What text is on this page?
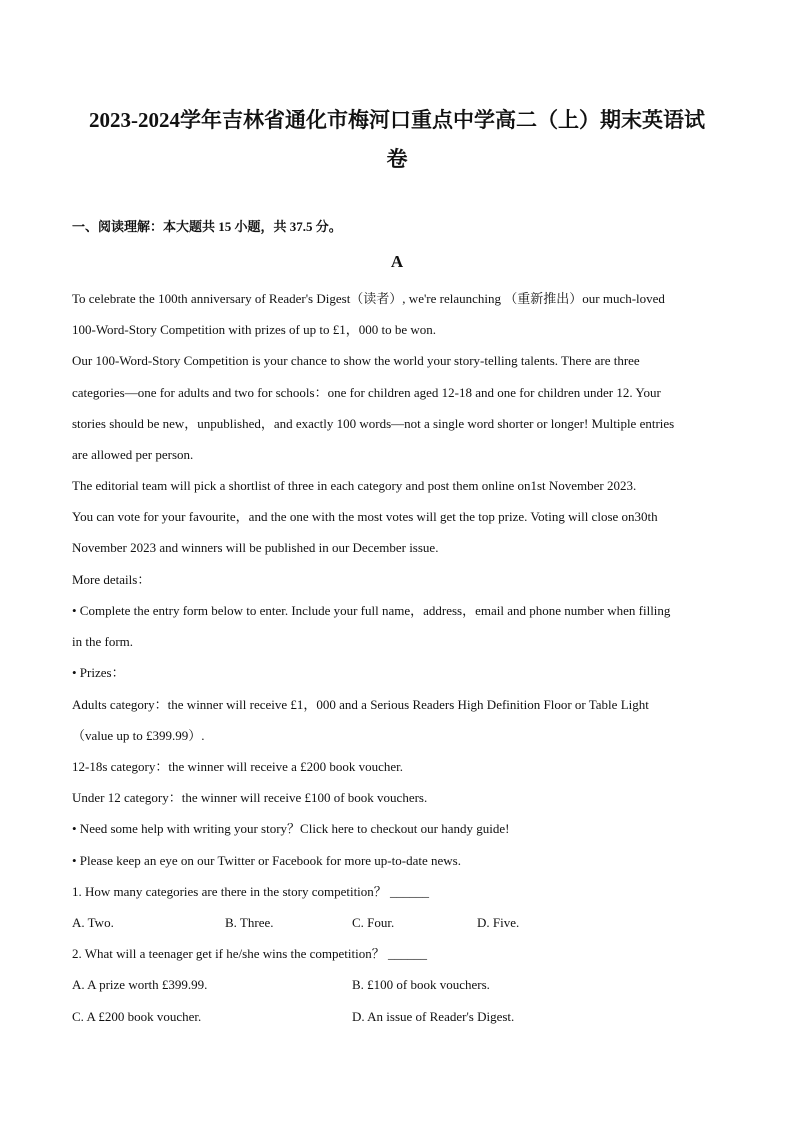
2023-2024学年吉林省通化市梅河口重点中学高二（上）期末英语试
卷
一、阅读理解：本大题共 15 小题，共 37.5 分。
A
To celebrate the 100th anniversary of Reader's Digest（读者）, we're relaunching （重新推出）our much-loved
100-Word-Story Competition with prizes of up to £1，000 to be won.
Our 100-Word-Story Competition is your chance to show the world your story-telling talents. There are three
categories—one for adults and two for schools：one for children aged 12-18 and one for children under 12. Your
stories should be new，unpublished，and exactly 100 words—not a single word shorter or longer! Multiple entries
are allowed per person.
The editorial team will pick a shortlist of three in each category and post them online on1st November 2023.
You can vote for your favourite，and the one with the most votes will get the top prize. Voting will close on30th
November 2023 and winners will be published in our December issue.
More details：
• Complete the entry form below to enter. Include your full name，address，email and phone number when filling
in the form.
• Prizes：
Adults category：the winner will receive £1，000 and a Serious Readers High Definition Floor or Table Light
（value up to £399.99）.
12-18s category：the winner will receive a £200 book voucher.
Under 12 category：the winner will receive £100 of book vouchers.
• Need some help with writing your story？Click here to checkout our handy guide!
• Please keep an eye on our Twitter or Facebook for more up-to-date news.
1. How many categories are there in the story competition？ ______
A. Two.	B. Three.	C. Four.	D. Five.
2. What will a teenager get if he/she wins the competition？ ______
A. A prize worth £399.99.	B. £100 of book vouchers.
C. A £200 book voucher.	D. An issue of Reader's Digest.
